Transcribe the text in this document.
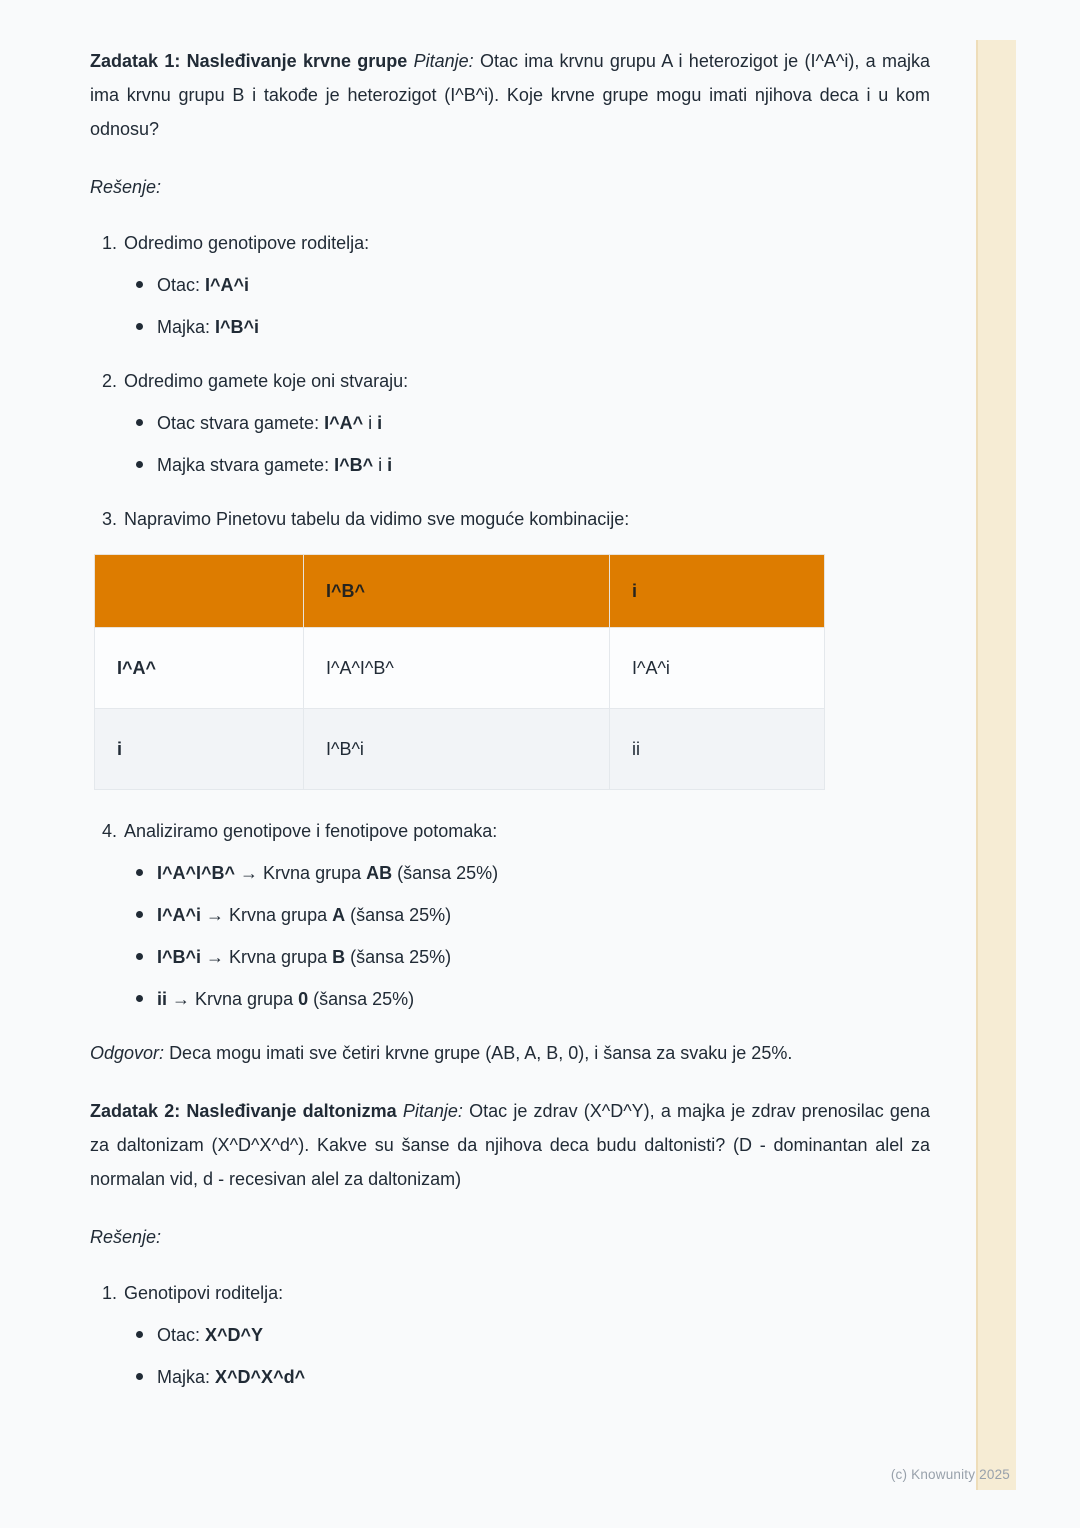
Zadatak 1: Nasleđivanje krvne grupe Pitanje: Otac ima krvnu grupu A i heterozigot je (I^A^i), a majka ima krvnu grupu B i takođe je heterozigot (I^B^i). Koje krvne grupe mogu imati njihova deca i u kom odnosu?

Rešenje:

1. Odredimo genotipove roditelja:
Otac: I^A^i
Majka: I^B^i
2. Odredimo gamete koje oni stvaraju:
Otac stvara gamete: I^A^ i i
Majka stvara gamete: I^B^ i i
3. Napravimo Pinetovu tabelu da vidimo sve moguće kombinacije:
	I^B^	i
I^A^	I^A^I^B^	I^A^i
i	I^B^i	ii
4. Analiziramo genotipove i fenotipove potomaka:
I^A^I^B^ → Krvna grupa AB (šansa 25%)
I^A^i → Krvna grupa A (šansa 25%)
I^B^i → Krvna grupa B (šansa 25%)
ii → Krvna grupa 0 (šansa 25%)

Odgovor: Deca mogu imati sve četiri krvne grupe (AB, A, B, 0), i šansa za svaku je 25%.

Zadatak 2: Nasleđivanje daltonizma Pitanje: Otac je zdrav (X^D^Y), a majka je zdrav prenosilac gena za daltonizam (X^D^X^d^). Kakve su šanse da njihova deca budu daltonisti? (D - dominantan alel za normalan vid, d - recesivan alel za daltonizam)

Rešenje:

1. Genotipovi roditelja:
Otac: X^D^Y
Majka: X^D^X^d^
(c) Knowunity 2025
